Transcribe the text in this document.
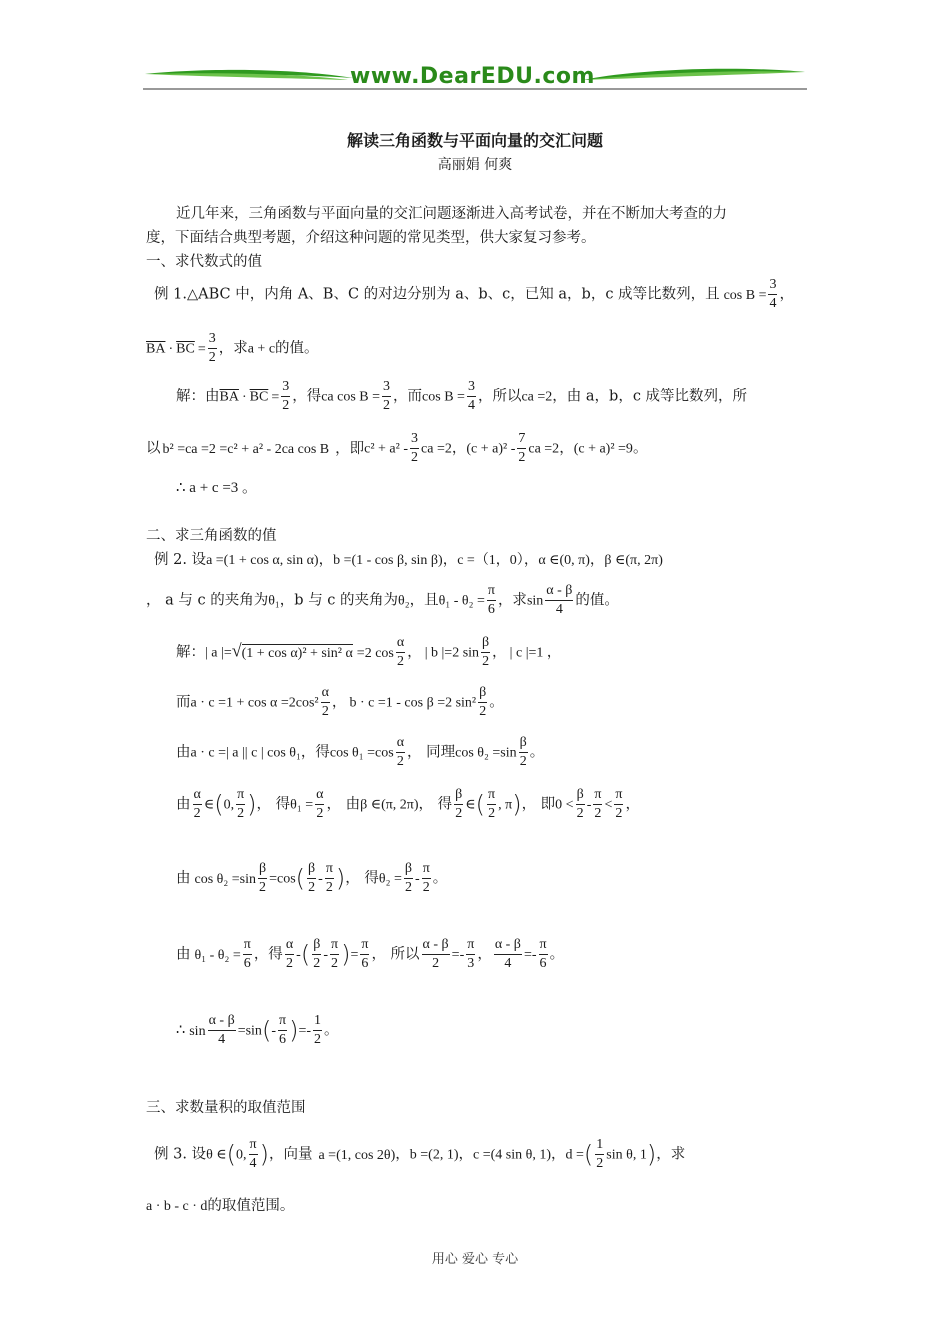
www.DearEDU.com
解读三角函数与平面向量的交汇问题
高丽娟 何爽
近几年来，三角函数与平面向量的交汇问题逐渐进入高考试卷，并在不断加大考查的力
度，下面结合典型考题，介绍这种问题的常见类型，供大家复习参考。
一、求代数式的值
例 1.△ABC 中，内角 A、B、C 的对边分别为 a、b、c，已知 a，b，c 成等比数列，且 $\cos B = \frac{3}{4}$ ，
$\overline{BA} \cdot \overline{BC} = \frac{3}{2}$ ，求a + c的值。
解：由$\overline{BA} \cdot \overline{BC} = \frac{3}{2}$ ，得ca $\cos B = \frac{3}{2}$ ，而$\cos B = \frac{3}{4}$ ，所以ca =2，由 a，b，c 成等比数列，所
以 b² =ca =2 =c² + a² - 2ca cos B ，即$c^2 + a^2 - \frac{3}{2}$ ca =2，$(c + a)^2 - \frac{7}{2}$ ca =2，(c + a)² =9。
∴ a + c =3 。
二、求三角函数的值
例 2. 设a =(1 + cos α, sin α)，b =(1 - cos β, sin β)，c =（1，0），α ∈(0, π)，β ∈(π, 2π)
， a 与 c 的夹角为θ₁，b 与 c 的夹角为θ₂，且$\theta_1 - \theta_2 = \frac{\pi}{6}$ ，求$\sin \frac{\alpha - \beta}{4}$ 的值。
解：| a |=√(1 + cos α)² + sin² α =2 $\cos \frac{\alpha}{2}$ ， | b |=2 $\sin \frac{\beta}{2}$ ， | c |=1 ，
而$a \cdot c =1 + \cos \alpha =2\cos^2 \frac{\alpha}{2}$ ， b · c =1 - cos β =2 $\sin^2 \frac{\beta}{2}$ 。
由a · c =| a || c | cos θ₁，得$\cos \theta_1 =\cos \frac{\alpha}{2}$ ， 同理$\cos \theta_2 =\sin \frac{\beta}{2}$ 。
由 $\frac{\alpha}{2}$ ∈(0, $\frac{\pi}{2}$ )， 得$\theta_1 = \frac{\alpha}{2}$ ， 由β ∈(π, 2π)， 得 $\frac{\beta}{2}$ ∈( $\frac{\pi}{2}$ , π)， 即$0 < \frac{\beta}{2} - \frac{\pi}{2} < \frac{\pi}{2}$ ，
由 $\cos \theta_2 =\sin \frac{\beta}{2} =\cos( \frac{\beta}{2} - \frac{\pi}{2}$ )， 得$\theta_2 = \frac{\beta}{2} - \frac{\pi}{2}$ 。
由 $\theta_1 - \theta_2 = \frac{\pi}{6}$ ，得 $\frac{\alpha}{2}$ -( $\frac{\beta}{2} - \frac{\pi}{2}$ )= $\frac{\pi}{6}$ ， 所以 $\frac{\alpha - \beta}{2} =- \frac{\pi}{3}$ ， $\frac{\alpha - \beta}{4} =- \frac{\pi}{6}$ 。
∴ $\sin \frac{\alpha - \beta}{4} =\sin(- \frac{\pi}{6}$ )=- $\frac{1}{2}$ 。
三、求数量积的取值范围
例 3. 设θ ∈(0, $\frac{\pi}{4}$ )，向量 a =(1, cos 2θ)，b =(2, 1)，c =(4 sin θ, 1)，d =( $\frac{1}{2}$ sin θ, 1)，求
a · b - c · d的取值范围。
用心 爱心 专心
